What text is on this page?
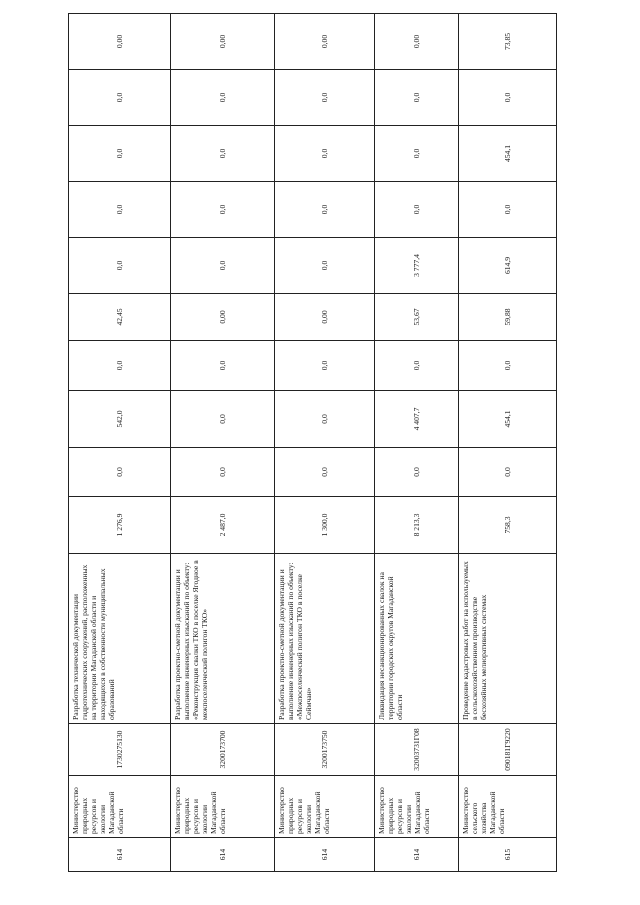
614	Министерство природных ресурсов и экологии Магаданской области	1730275130	Разработка технической документации гидротехнических сооружений, расположенных на территории Магаданской области и находящихся в собственности муниципальных образований	1 276,9	0,0	542,0	0,0	42,45	0,0	0,0	0,0	0,0	0,00
614	Министерство природных ресурсов и экологии Магаданской области	3200173700	Разработка проектно-сметной документации и выполнение инженерных изысканий по объекту: «Реконструкция свалки ТКО в поселке Ягодное в межпоселенческий полигон ТКО»	2 487,0	0,0	0,0	0,0	0,00	0,0	0,0	0,0	0,0	0,00
614	Министерство природных ресурсов и экологии Магаданской области	3200173750	Разработка проектно-сметной документации и выполнение инженерных изысканий по объекту: «Межпоселенческий полигон ТКО в поселке Сеймчан»	1 300,0	0,0	0,0	0,0	0,00	0,0	0,0	0,0	0,0	0,00
614	Министерство природных ресурсов и экологии Магаданской области	32003731Г08	Ликвидация несанкционированных свалок на территории городских округов Магаданской области	8 213,3	0,0	4 407,7	0,0	53,67	3 777,4	0,0	0,0	0,0	0,00
615	Министерство сельского хозяйства Магаданской области	090181Г9220	Проведение кадастровых работ на используемых в сельскохозяйственном производстве бесхозяйных мелиоративных системах	758,3	0,0	454,1	0,0	59,88	614,9	0,0	454,1	0,0	73,85
